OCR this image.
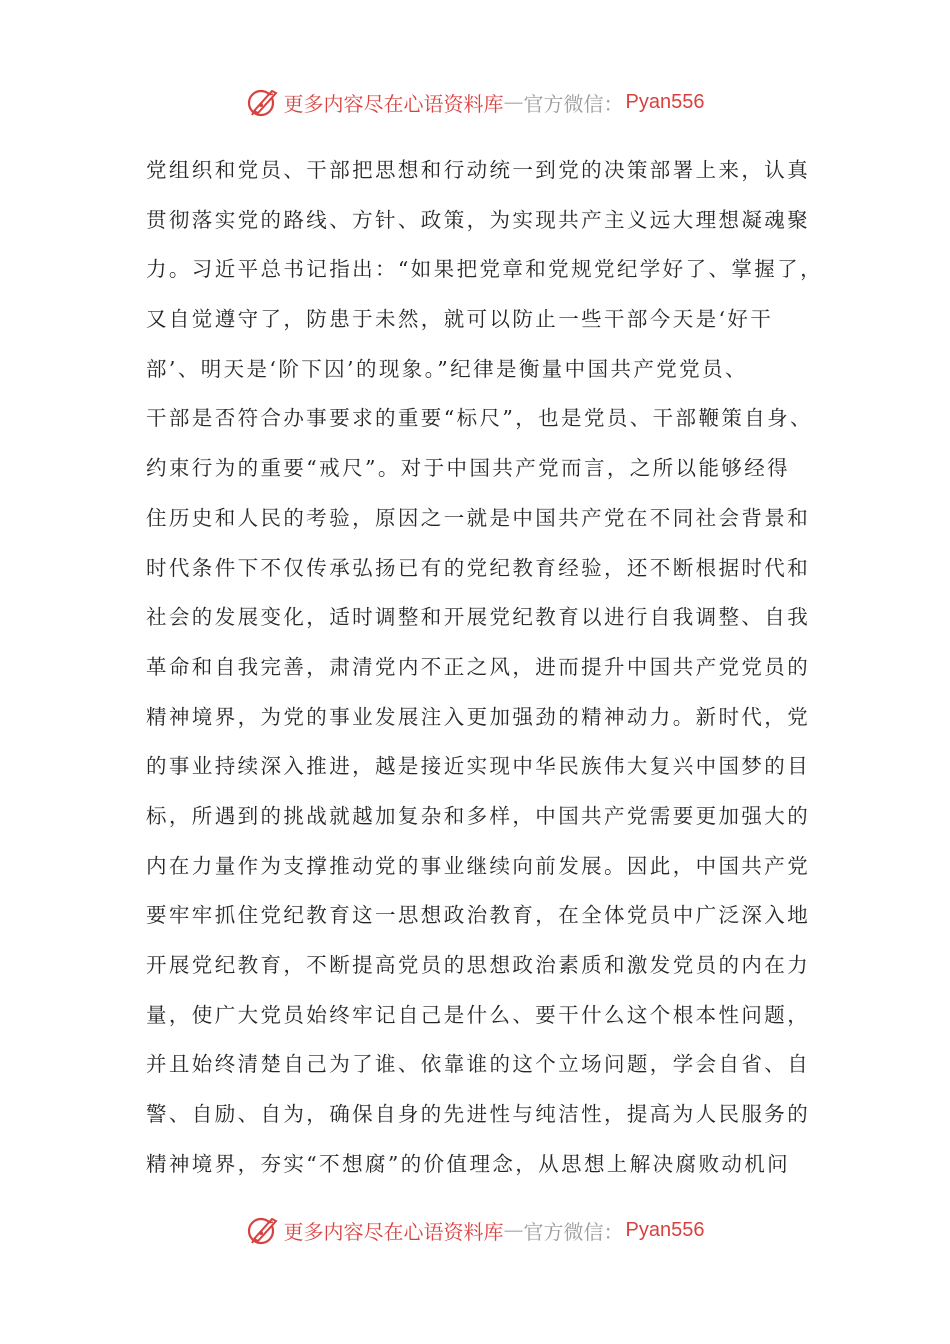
更多内容尽在心语资料库 — 官方微信： Pyan556
党组织和党员、干部把思想和行动统一到党的决策部署上来，认真
贯彻落实党的路线、方针、政策，为实现共产主义远大理想凝魂聚
力。习近平总书记指出：“如果把党章和党规党纪学好了、掌握了，
又自觉遵守了，防患于未然，就可以防止一些干部今天是‘好干
部’、明天是‘阶下囚’的现象。”纪律是衡量中国共产党党员、
干部是否符合办事要求的重要“标尺”，也是党员、干部鞭策自身、
约束行为的重要“戒尺”。对于中国共产党而言，之所以能够经得
住历史和人民的考验，原因之一就是中国共产党在不同社会背景和
时代条件下不仅传承弘扬已有的党纪教育经验，还不断根据时代和
社会的发展变化，适时调整和开展党纪教育以进行自我调整、自我
革命和自我完善，肃清党内不正之风，进而提升中国共产党党员的
精神境界，为党的事业发展注入更加强劲的精神动力。新时代，党
的事业持续深入推进，越是接近实现中华民族伟大复兴中国梦的目
标，所遇到的挑战就越加复杂和多样，中国共产党需要更加强大的
内在力量作为支撑推动党的事业继续向前发展。因此，中国共产党
要牢牢抓住党纪教育这一思想政治教育，在全体党员中广泛深入地
开展党纪教育，不断提高党员的思想政治素质和激发党员的内在力
量，使广大党员始终牢记自己是什么、要干什么这个根本性问题，
并且始终清楚自己为了谁、依靠谁的这个立场问题，学会自省、自
警、自励、自为，确保自身的先进性与纯洁性，提高为人民服务的
精神境界，夯实“不想腐”的价值理念，从思想上解决腐败动机问
更多内容尽在心语资料库 — 官方微信： Pyan556
